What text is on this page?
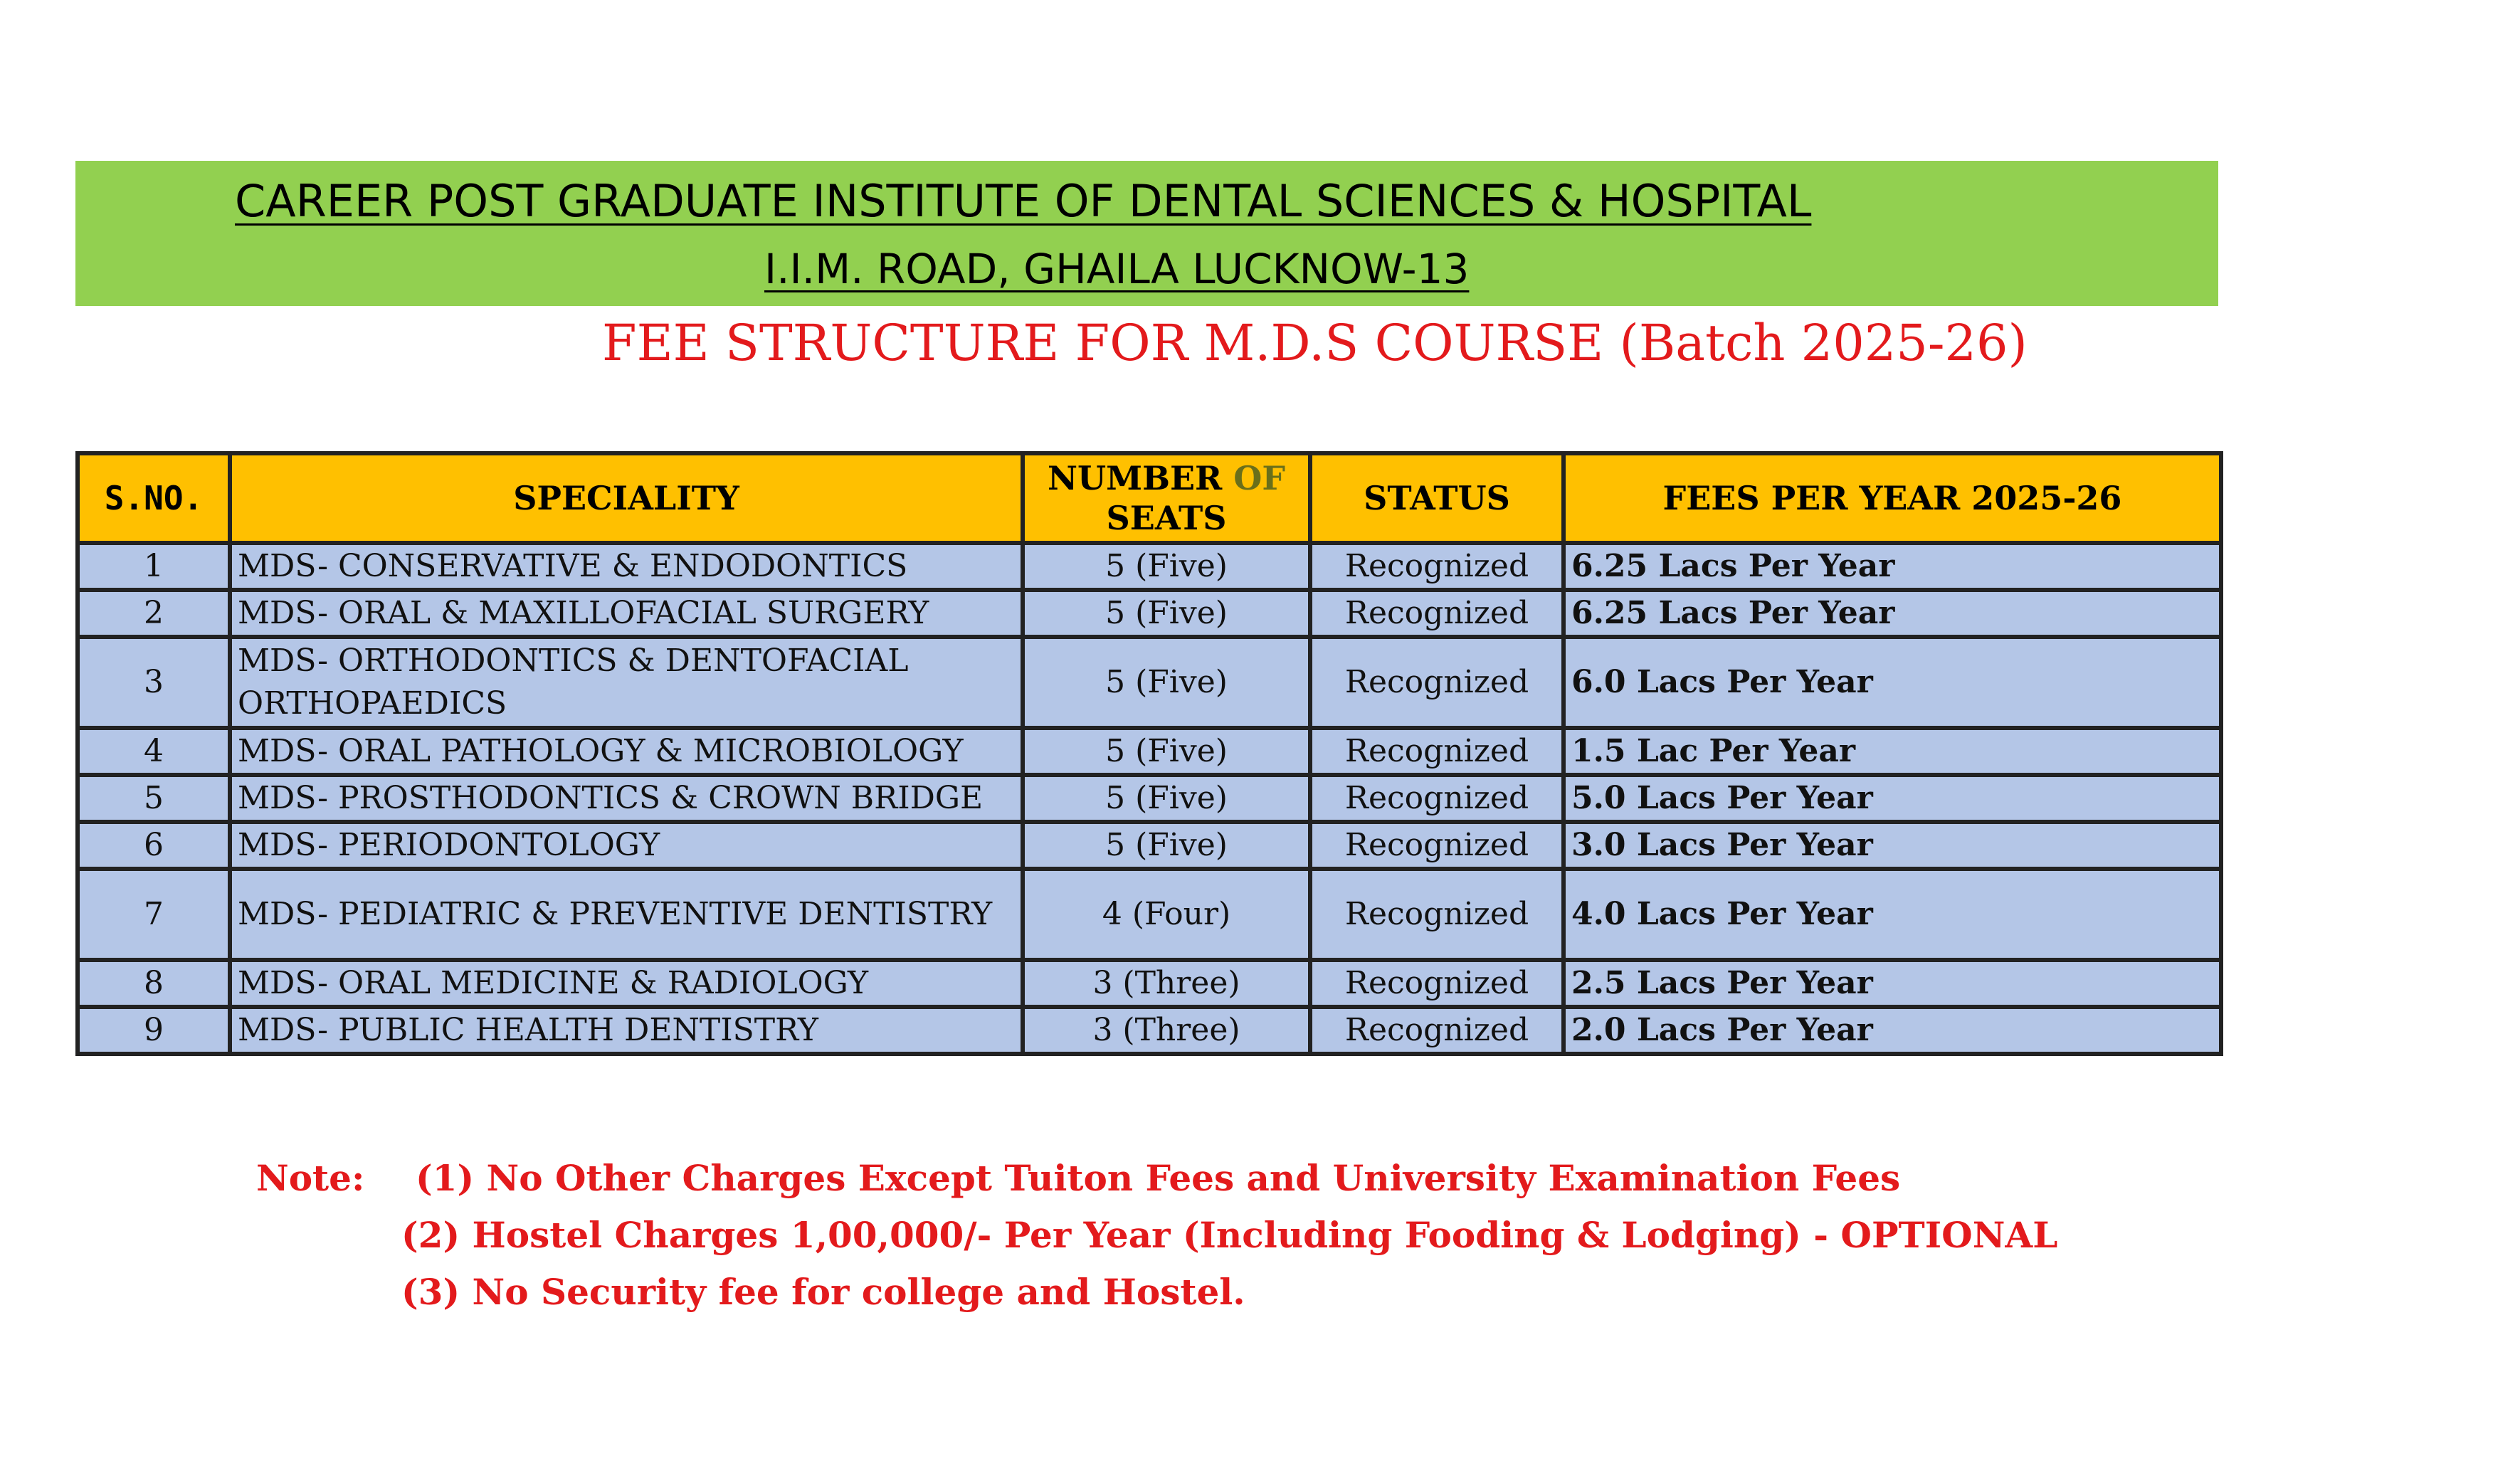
CAREER POST GRADUATE INSTITUTE OF DENTAL SCIENCES & HOSPITAL
I.I.M. ROAD, GHAILA LUCKNOW-13
FEE STRUCTURE FOR M.D.S COURSE (Batch 2025-26)
S.NO.	SPECIALITY	NUMBER OF
SEATS	STATUS	FEES PER YEAR 2025-26
1	MDS- CONSERVATIVE & ENDODONTICS	5 (Five)	Recognized	6.25 Lacs Per Year
2	MDS- ORAL & MAXILLOFACIAL SURGERY	5 (Five)	Recognized	6.25 Lacs Per Year
3	MDS- ORTHODONTICS & DENTOFACIAL
ORTHOPAEDICS	5 (Five)	Recognized	6.0 Lacs Per Year
4	MDS- ORAL PATHOLOGY & MICROBIOLOGY	5 (Five)	Recognized	1.5 Lac Per Year
5	MDS- PROSTHODONTICS & CROWN BRIDGE	5 (Five)	Recognized	5.0 Lacs Per Year
6	MDS- PERIODONTOLOGY	5 (Five)	Recognized	3.0 Lacs Per Year
7	MDS- PEDIATRIC & PREVENTIVE DENTISTRY	4 (Four)	Recognized	4.0 Lacs Per Year
8	MDS- ORAL MEDICINE & RADIOLOGY	3 (Three)	Recognized	2.5 Lacs Per Year
9	MDS- PUBLIC HEALTH DENTISTRY	3 (Three)	Recognized	2.0 Lacs Per Year
Note: (1) No Other Charges Except Tuiton Fees and University Examination Fees
(2) Hostel Charges 1,00,000/- Per Year (Including Fooding & Lodging) - OPTIONAL
(3) No Security fee for college and Hostel.
